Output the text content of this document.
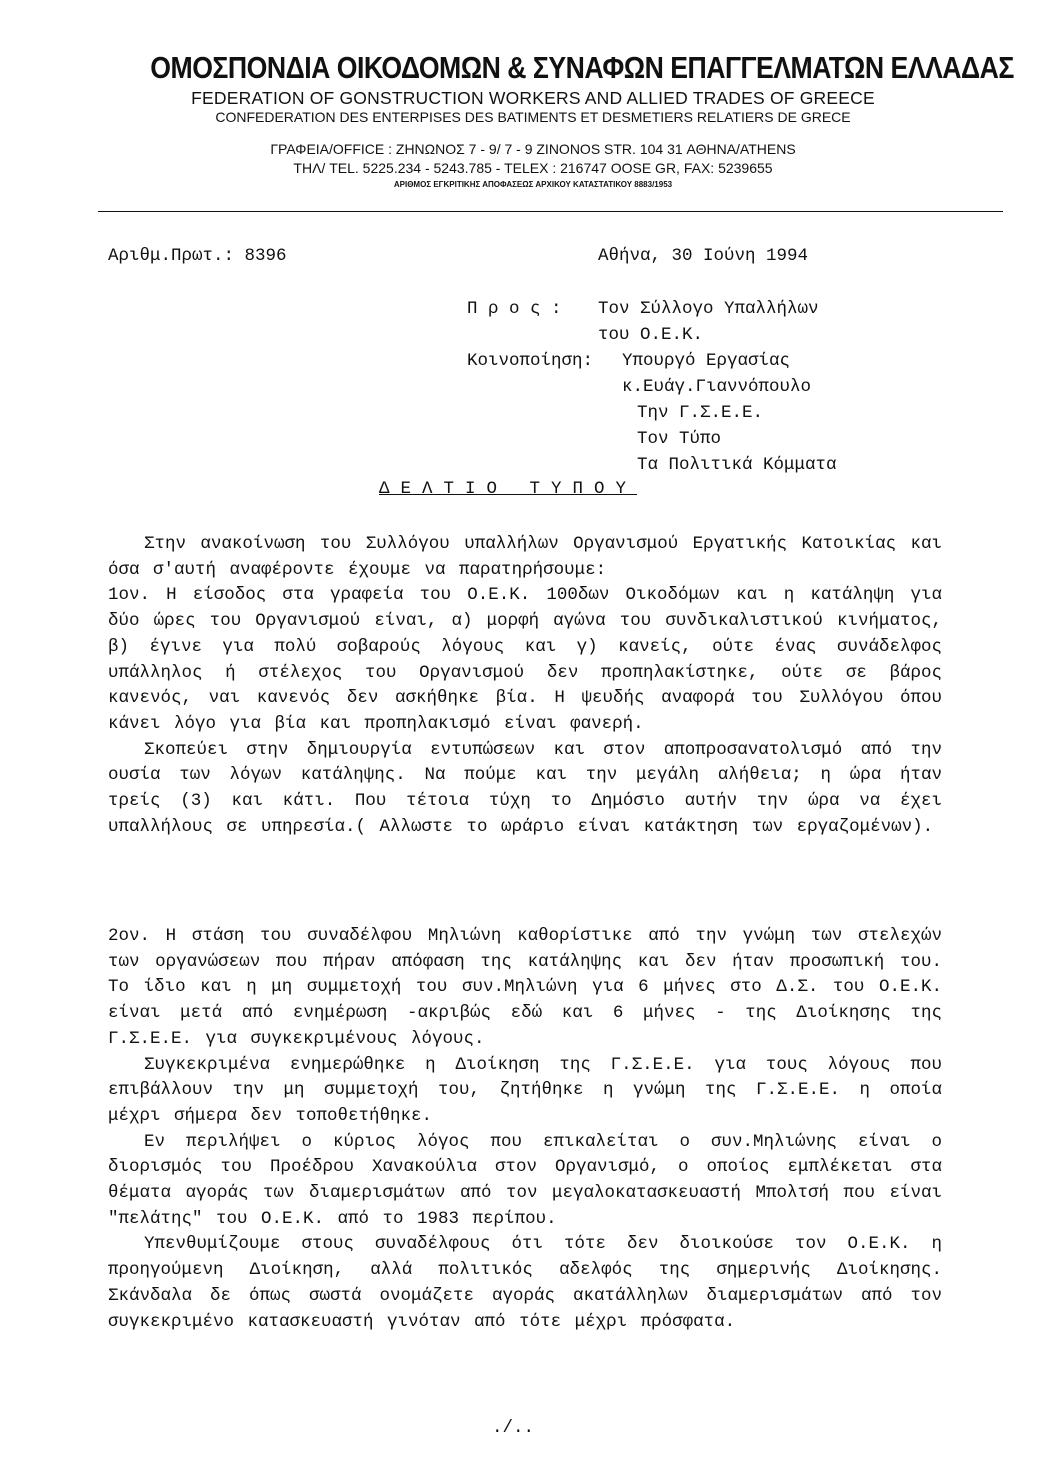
ΟΜΟΣΠΟΝΔΙΑ ΟΙΚΟΔΟΜΩΝ & ΣΥΝΑΦΩΝ ΕΠΑΓΓΕΛΜΑΤΩΝ ΕΛΛΑΔΑΣ

FEDERATION OF GONSTRUCTION WORKERS AND ALLIED TRADES OF GREECE

CONFEDERATION DES ENTERPISES DES BATIMENTS ET DESMETIERS RELATIERS DE GRECE

ΓΡΑΦΕΙΑ/OFFICE : ΖΗΝΩΝΟΣ 7 - 9/ 7 - 9 ZINONOS STR. 104 31 ΑΘΗΝΑ/ATHENS

ΤΗΛ/ TEL. 5225.234 - 5243.785 - TELEX : 216747 OOSE GR, FAX: 5239655

ΑΡΙΘΜΟΣ ΕΓΚΡΙΤΙΚΗΣ ΑΠΟΦΑΣΕΩΣ ΑΡΧΙΚΟΥ ΚΑΤΑΣΤΑΤΙΚΟΥ 8883/1953

Αριθμ.Πρωτ.: 8396	Αθήνα, 30 Ιούνη 1994
Π ρ ο ς : Τον Σύλλογο Υπαλλήλων
του Ο.Ε.Κ.
Κοινοποίηση: Υπουργό Εργασίας
κ.Ευάγ.Γιαννόπουλο
Την Γ.Σ.Ε.Ε.
Τον Τύπο
Τα Πολιτικά Κόμματα
ΔΕΛΤΙΟ ΤΥΠΟΥ

Στην ανακοίνωση του Συλλόγου υπαλλήλων Οργανισμού Εργατικής Κατοικίας και όσα σ'αυτή αναφέροντε έχουμε να παρατηρήσουμε:

1ον. Η είσοδος στα γραφεία του Ο.Ε.Κ. 100δων Οικοδόμων και η κατάληψη για δύο ώρες του Οργανισμού είναι, α) μορφή αγώνα του συνδικαλιστικού κινήματος, β) έγινε για πολύ σοβαρούς λόγους και γ) κανείς, ούτε ένας συνάδελφος υπάλληλος ή στέλεχος του Οργανισμού δεν προπηλακίστηκε, ούτε σε βάρος κανενός, ναι κανενός δεν ασκήθηκε βία. Η ψευδής αναφορά του Συλλόγου όπου κάνει λόγο για βία και προπηλακισμό είναι φανερή.

Σκοπεύει στην δημιουργία εντυπώσεων και στον αποπροσανατολισμό από την ουσία των λόγων κατάληψης. Να πούμε και την μεγάλη αλήθεια; η ώρα ήταν τρείς (3) και κάτι. Που τέτοια τύχη το Δημόσιο αυτήν την ώρα να έχει υπαλλήλους σε υπηρεσία.( Αλλωστε το ωράριο είναι κατάκτηση των εργαζομένων).

2ον. Η στάση του συναδέλφου Μηλιώνη καθορίστικε από την γνώμη των στελεχών των οργανώσεων που πήραν απόφαση της κατάληψης και δεν ήταν προσωπική του. Το ίδιο και η μη συμμετοχή του συν.Μηλιώνη για 6 μήνες στο Δ.Σ. του Ο.Ε.Κ. είναι μετά από ενημέρωση -ακριβώς εδώ και 6 μήνες - της Διοίκησης της Γ.Σ.Ε.Ε. για συγκεκριμένους λόγους.

Συγκεκριμένα ενημερώθηκε η Διοίκηση της Γ.Σ.Ε.Ε. για τους λόγους που επιβάλλουν την μη συμμετοχή του, ζητήθηκε η γνώμη της Γ.Σ.Ε.Ε. η οποία μέχρι σήμερα δεν τοποθετήθηκε.

Εν περιλήψει ο κύριος λόγος που επικαλείται ο συν.Μηλιώνης είναι ο διορισμός του Προέδρου Χανακούλια στον Οργανισμό, ο οποίος εμπλέκεται στα θέματα αγοράς των διαμερισμάτων από τον μεγαλοκατασκευαστή Μπολτσή που είναι "πελάτης" του Ο.Ε.Κ. από το 1983 περίπου.

Υπενθυμίζουμε στους συναδέλφους ότι τότε δεν διοικούσε τον Ο.Ε.Κ. η προηγούμενη Διοίκηση, αλλά πολιτικός αδελφός της σημερινής Διοίκησης. Σκάνδαλα δε όπως σωστά ονομάζετε αγοράς ακατάλληλων διαμερισμάτων από τον συγκεκριμένο κατασκευαστή γινόταν από τότε μέχρι πρόσφατα.

./..
